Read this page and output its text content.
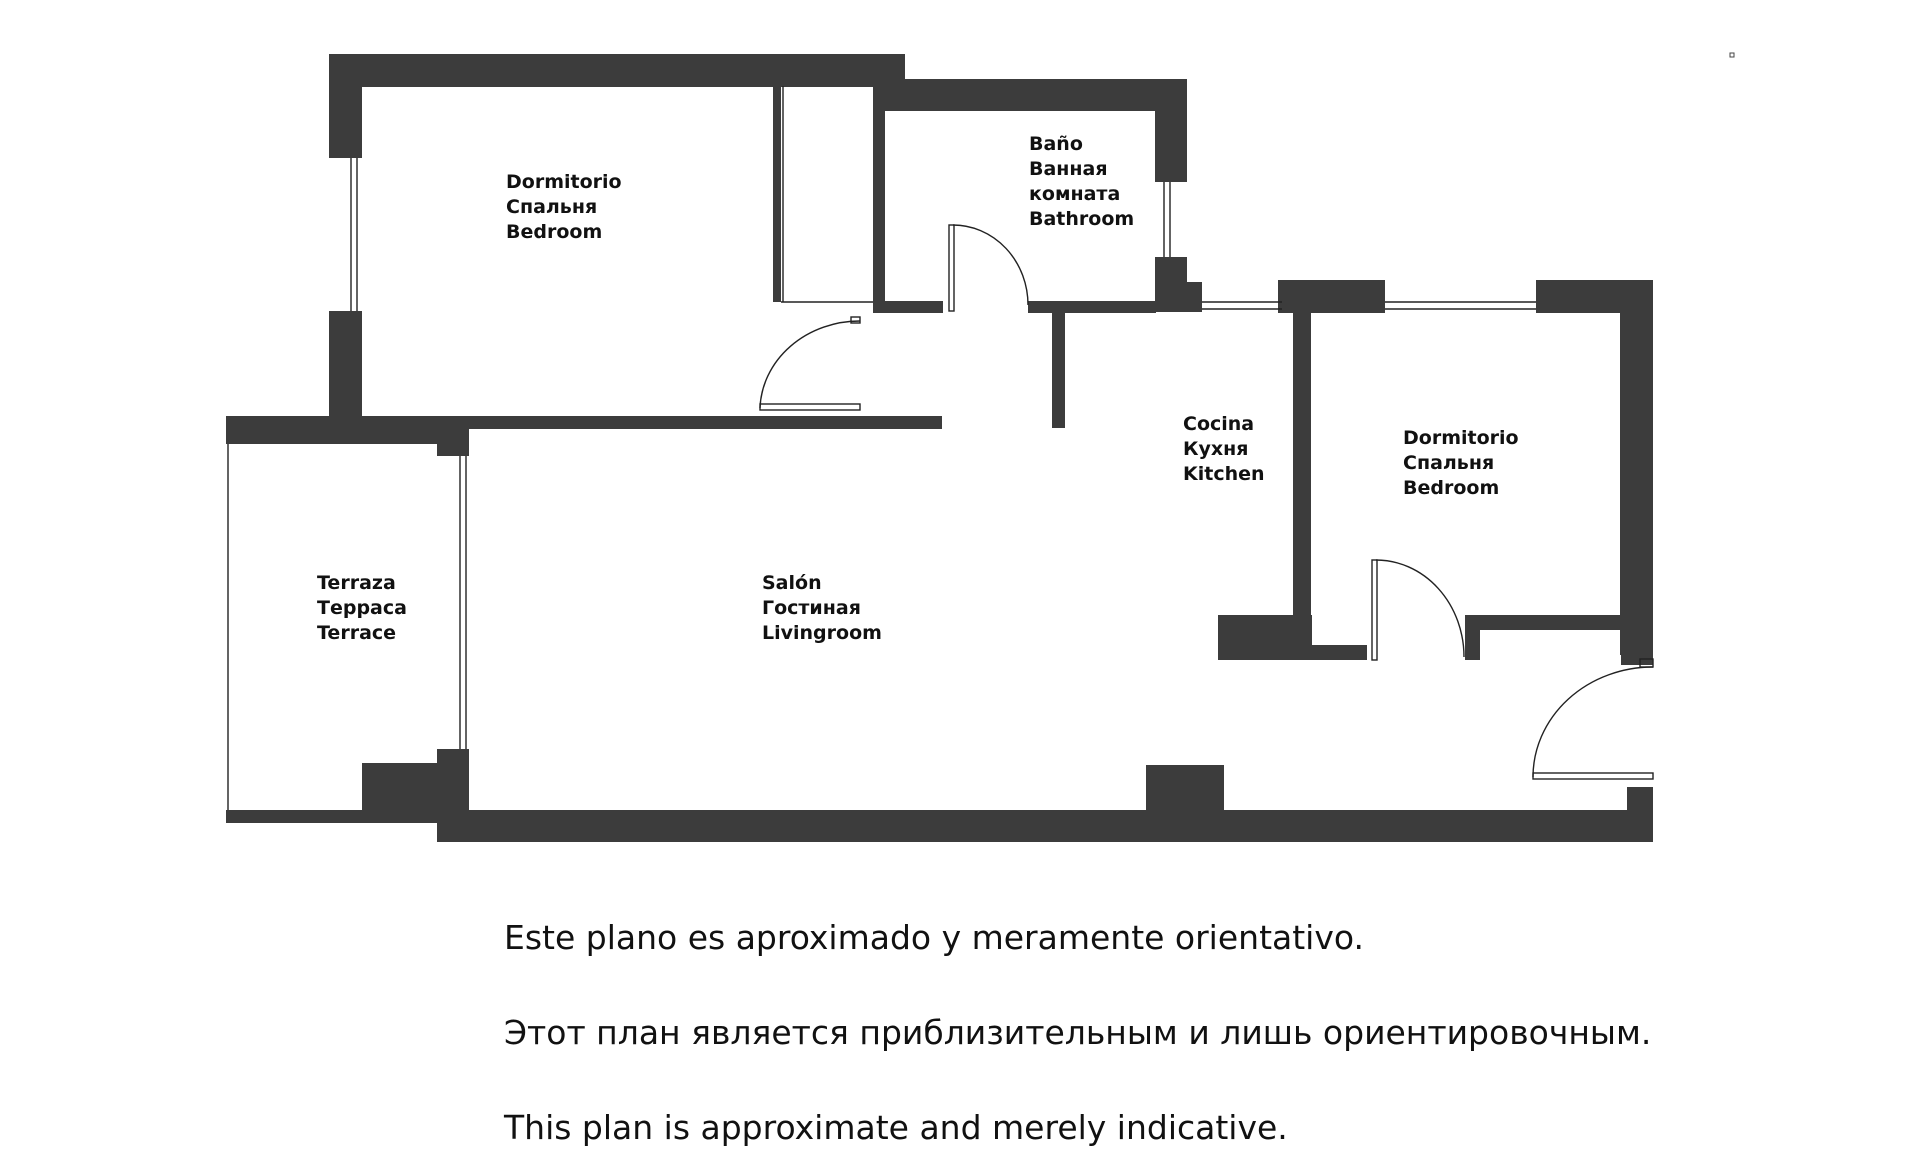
Dormitorio Спальня Bedroom
Baño Ванная комната Bathroom
Cocina Кухня Kitchen
Dormitorio Спальня Bedroom
Terraza Терраса Terrace
Salón Гостиная Livingroom

Este plano es aproximado y meramente orientativo.

Этот план является приблизительным и лишь ориентировочным.

This plan is approximate and merely indicative.
